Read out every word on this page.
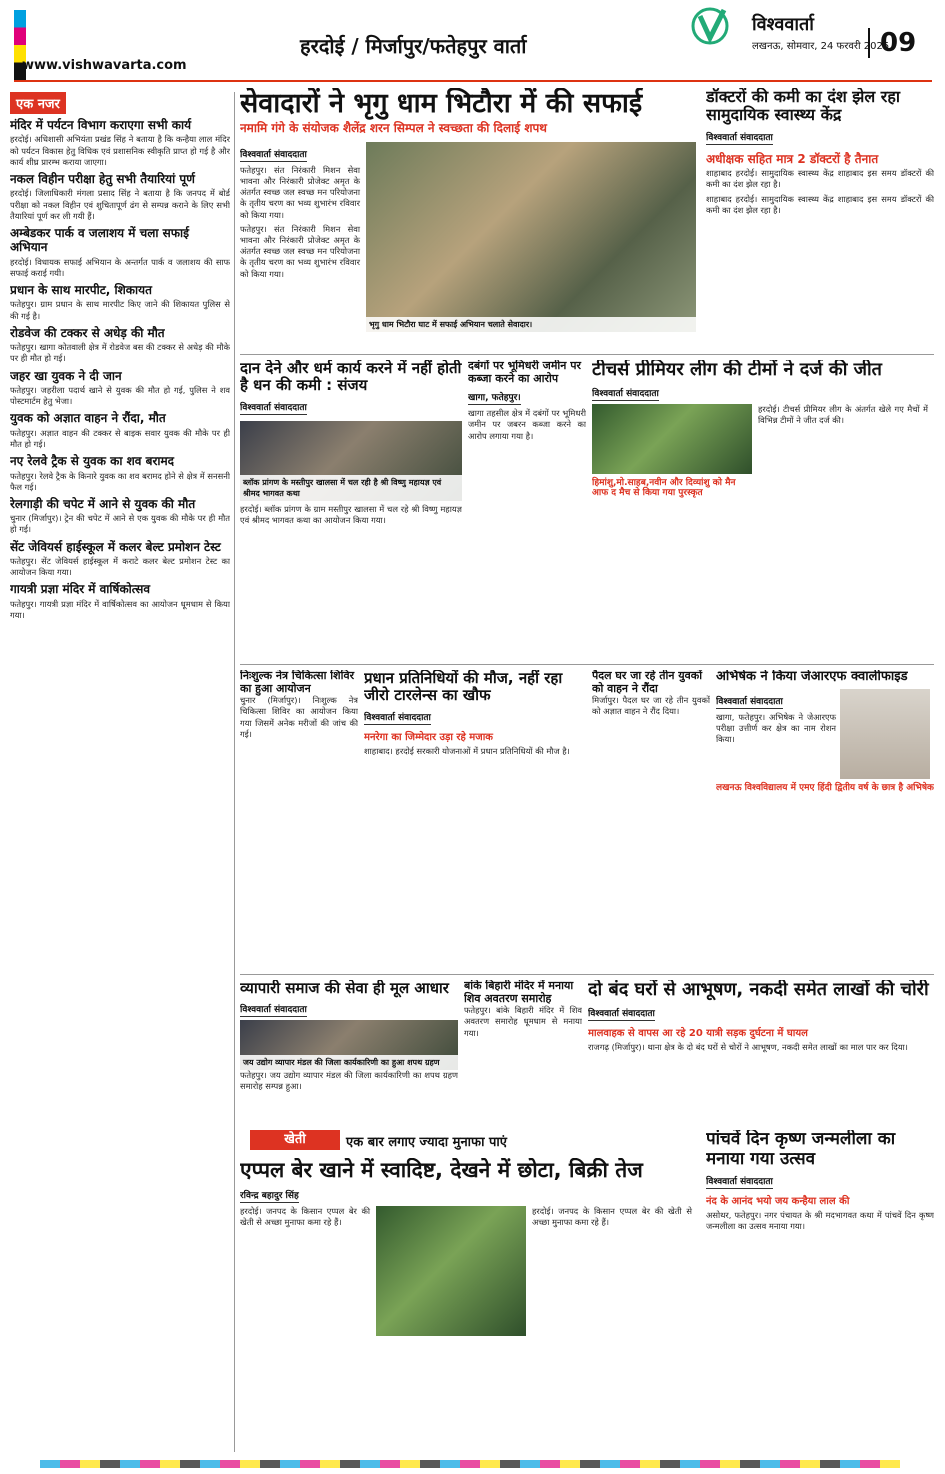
www.vishwavarta.com
हरदोई / मिर्जापुर/फतेहपुर वार्ता
विश्ववार्ता
लखनऊ, सोमवार, 24 फरवरी 2025
09
एक नजर
मंदिर में पर्यटन विभाग कराएगा सभी कार्य

हरदोई। अधिशासी अभियंता प्रखंड सिंह ने बताया है कि कन्हैया लाल मंदिर को पर्यटन विकास हेतु विधिक एवं प्रशासनिक स्वीकृति प्राप्त हो गई है और कार्य शीघ्र प्रारम्भ कराया जाएगा।

नकल विहीन परीक्षा हेतु सभी तैयारियां पूर्ण

हरदोई। जिलाधिकारी मंगला प्रसाद सिंह ने बताया है कि जनपद में बोर्ड परीक्षा को नकल विहीन एवं शुचितापूर्ण ढंग से सम्पन्न कराने के लिए सभी तैयारियां पूर्ण कर ली गयी हैं।

अम्बेडकर पार्क व जलाशय में चला सफाई अभियान

हरदोई। विधायक सफाई अभियान के अन्तर्गत पार्क व जलाशय की साफ सफाई कराई गयी।

प्रधान के साथ मारपीट, शिकायत

फतेहपुर। ग्राम प्रधान के साथ मारपीट किए जाने की शिकायत पुलिस से की गई है।

रोडवेज की टक्कर से अधेड़ की मौत

फतेहपुर। खागा कोतवाली क्षेत्र में रोडवेज बस की टक्कर से अधेड़ की मौके पर ही मौत हो गई।

जहर खा युवक ने दी जान

फतेहपुर। जहरीला पदार्थ खाने से युवक की मौत हो गई, पुलिस ने शव पोस्टमार्टम हेतु भेजा।

युवक को अज्ञात वाहन ने रौंदा, मौत

फतेहपुर। अज्ञात वाहन की टक्कर से बाइक सवार युवक की मौके पर ही मौत हो गई।

नए रेलवे ट्रैक से युवक का शव बरामद

फतेहपुर। रेलवे ट्रैक के किनारे युवक का शव बरामद होने से क्षेत्र में सनसनी फैल गई।

रेलगाड़ी की चपेट में आने से युवक की मौत

चुनार (मिर्जापुर)। ट्रेन की चपेट में आने से एक युवक की मौके पर ही मौत हो गई।

सेंट जेवियर्स हाईस्कूल में कलर बेल्ट प्रमोशन टेस्ट

फतेहपुर। सेंट जेवियर्स हाईस्कूल में कराटे कलर बेल्ट प्रमोशन टेस्ट का आयोजन किया गया।

गायत्री प्रज्ञा मंदिर में वार्षिकोत्सव

फतेहपुर। गायत्री प्रज्ञा मंदिर में वार्षिकोत्सव का आयोजन धूमधाम से किया गया।

सेवादारों ने भृगु धाम भिटौरा में की सफाई
नमामि गंगे के संयोजक शैलेंद्र शरन सिम्पल ने स्वच्छता की दिलाई शपथ
विश्ववार्ता संवाददाता

फतेहपुर। संत निरंकारी मिशन सेवा भावना और निरंकारी प्रोजेक्ट अमृत के अंतर्गत स्वच्छ जल स्वच्छ मन परियोजना के तृतीय चरण का भव्य शुभारंभ रविवार को किया गया।

फतेहपुर। संत निरंकारी मिशन सेवा भावना और निरंकारी प्रोजेक्ट अमृत के अंतर्गत स्वच्छ जल स्वच्छ मन परियोजना के तृतीय चरण का भव्य शुभारंभ रविवार को किया गया।

भृगु धाम भिटौरा घाट में सफाई अभियान चलाते सेवादार।
डॉक्टरों की कमी का दंश झेल रहा सामुदायिक स्वास्थ्य केंद्र
विश्ववार्ता संवाददाता
अधीक्षक सहित मात्र 2 डॉक्टरों है तैनात

शाहाबाद हरदोई। सामुदायिक स्वास्थ्य केंद्र शाहाबाद इस समय डॉक्टरों की कमी का दंश झेल रहा है।

शाहाबाद हरदोई। सामुदायिक स्वास्थ्य केंद्र शाहाबाद इस समय डॉक्टरों की कमी का दंश झेल रहा है।

दान देने और धर्म कार्य करने में नहीं होती है धन की कमी : संजय
विश्ववार्ता संवाददाता
ब्लॉक प्रांगण के मस्तीपुर खालसा में चल रही है श्री विष्णु महायज्ञ एवं श्रीमद भागवत कथा

हरदोई। ब्लॉक प्रांगण के ग्राम मस्तीपुर खालसा में चल रहे श्री विष्णु महायज्ञ एवं श्रीमद भागवत कथा का आयोजन किया गया।

दबंगों पर भूमिधरी जमीन पर कब्जा करने का आरोप
खागा, फतेहपुर।

खागा तहसील क्षेत्र में दबंगों पर भूमिधरी जमीन पर जबरन कब्जा करने का आरोप लगाया गया है।

टीचर्स प्रीमियर लीग की टीमों ने दर्ज की जीत
विश्ववार्ता संवाददाता
हिमांशु,मो.साहब,नवीन और दिव्यांशु को मैन आफ द मैच से किया गया पुरस्कृत

हरदोई। टीचर्स प्रीमियर लीग के अंतर्गत खेले गए मैचों में विभिन्न टीमों ने जीत दर्ज की।

निःशुल्क नेत्र चिकित्सा शिविर का हुआ आयोजन

चुनार (मिर्जापुर)। निःशुल्क नेत्र चिकित्सा शिविर का आयोजन किया गया जिसमें अनेक मरीजों की जांच की गई।

प्रधान प्रतिनिधियों की मौज, नहीं रहा जीरो टारलेन्स का खौफ
विश्ववार्ता संवाददाता
मनरेगा का जिम्मेदार उड़ा रहे मजाक

शाहाबाद। हरदोई सरकारी योजनाओं में प्रधान प्रतिनिधियों की मौज है।

पैदल घर जा रहे तीन युवकों को वाहन ने रौंदा

मिर्जापुर। पैदल घर जा रहे तीन युवकों को अज्ञात वाहन ने रौंद दिया।

अभिषेक ने किया जेआरएफ क्वालीफाइड
विश्ववार्ता संवाददाता

खागा, फतेहपुर। अभिषेक ने जेआरएफ परीक्षा उत्तीर्ण कर क्षेत्र का नाम रोशन किया।

लखनऊ विश्वविद्यालय में एमए हिंदी द्वितीय वर्ष के छात्र है अभिषेक
व्यापारी समाज की सेवा ही मूल आधार
विश्ववार्ता संवाददाता
जय उद्योग व्यापार मंडल की जिला कार्यकारिणी का हुआ शपथ ग्रहण

फतेहपुर। जय उद्योग व्यापार मंडल की जिला कार्यकारिणी का शपथ ग्रहण समारोह सम्पन्न हुआ।

बांके बिहारी मंदिर में मनाया शिव अवतरण समारोह

फतेहपुर। बांके बिहारी मंदिर में शिव अवतरण समारोह धूमधाम से मनाया गया।

दो बंद घरों से आभूषण, नकदी समेत लाखों की चोरी
विश्ववार्ता संवाददाता
मालवाहक से वापस आ रहे 20 यात्री सड़क दुर्घटना में घायल

राजगढ़ (मिर्जापुर)। थाना क्षेत्र के दो बंद घरों से चोरों ने आभूषण, नकदी समेत लाखों का माल पार कर दिया।

खेती	एक बार लगाए ज्यादा मुनाफा पाएं
एप्पल बेर खाने में स्वादिष्ट, देखने में छोटा, बिक्री तेज
रविन्द्र बहादुर सिंह

हरदोई। जनपद के किसान एप्पल बेर की खेती से अच्छा मुनाफा कमा रहे हैं।

हरदोई। जनपद के किसान एप्पल बेर की खेती से अच्छा मुनाफा कमा रहे हैं।

पांचवें दिन कृष्ण जन्मलीला का मनाया गया उत्सव
विश्ववार्ता संवाददाता
नंद के आनंद भयो जय कन्हैया लाल की

असोथर, फतेहपुर। नगर पंचायत के श्री मदभागवत कथा में पांचवें दिन कृष्ण जन्मलीला का उत्सव मनाया गया।
